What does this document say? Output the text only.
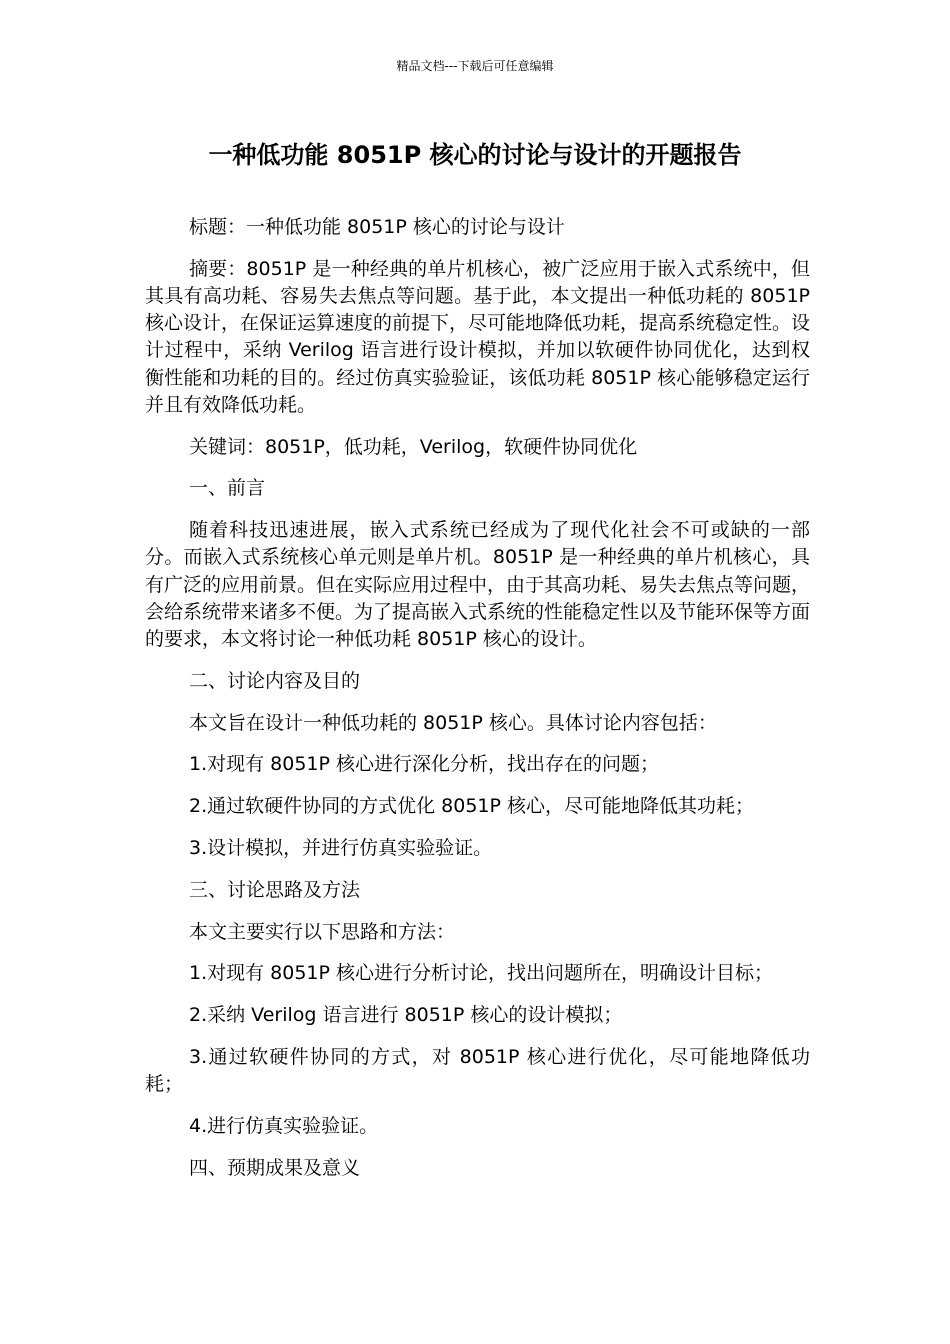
精品文档---下载后可任意编辑
一种低功能 8051P 核心的讨论与设计的开题报告

标题：一种低功能 8051P 核心的讨论与设计

摘要：8051P 是一种经典的单片机核心，被广泛应用于嵌入式系统中，但其具有高功耗、容易失去焦点等问题。基于此，本文提出一种低功耗的 8051P 核心设计，在保证运算速度的前提下，尽可能地降低功耗，提高系统稳定性。设计过程中，采纳 Verilog 语言进行设计模拟，并加以软硬件协同优化，达到权衡性能和功耗的目的。经过仿真实验验证，该低功耗 8051P 核心能够稳定运行并且有效降低功耗。

关键词：8051P，低功耗，Verilog，软硬件协同优化

一、前言

随着科技迅速进展，嵌入式系统已经成为了现代化社会不可或缺的一部分。而嵌入式系统核心单元则是单片机。8051P 是一种经典的单片机核心，具有广泛的应用前景。但在实际应用过程中，由于其高功耗、易失去焦点等问题，会给系统带来诸多不便。为了提高嵌入式系统的性能稳定性以及节能环保等方面的要求，本文将讨论一种低功耗 8051P 核心的设计。

二、讨论内容及目的

本文旨在设计一种低功耗的 8051P 核心。具体讨论内容包括：

1.对现有 8051P 核心进行深化分析，找出存在的问题；

2.通过软硬件协同的方式优化 8051P 核心，尽可能地降低其功耗；

3.设计模拟，并进行仿真实验验证。

三、讨论思路及方法

本文主要实行以下思路和方法：

1.对现有 8051P 核心进行分析讨论，找出问题所在，明确设计目标；

2.采纳 Verilog 语言进行 8051P 核心的设计模拟；

3.通过软硬件协同的方式，对 8051P 核心进行优化，尽可能地降低功耗；

4.进行仿真实验验证。

四、预期成果及意义
